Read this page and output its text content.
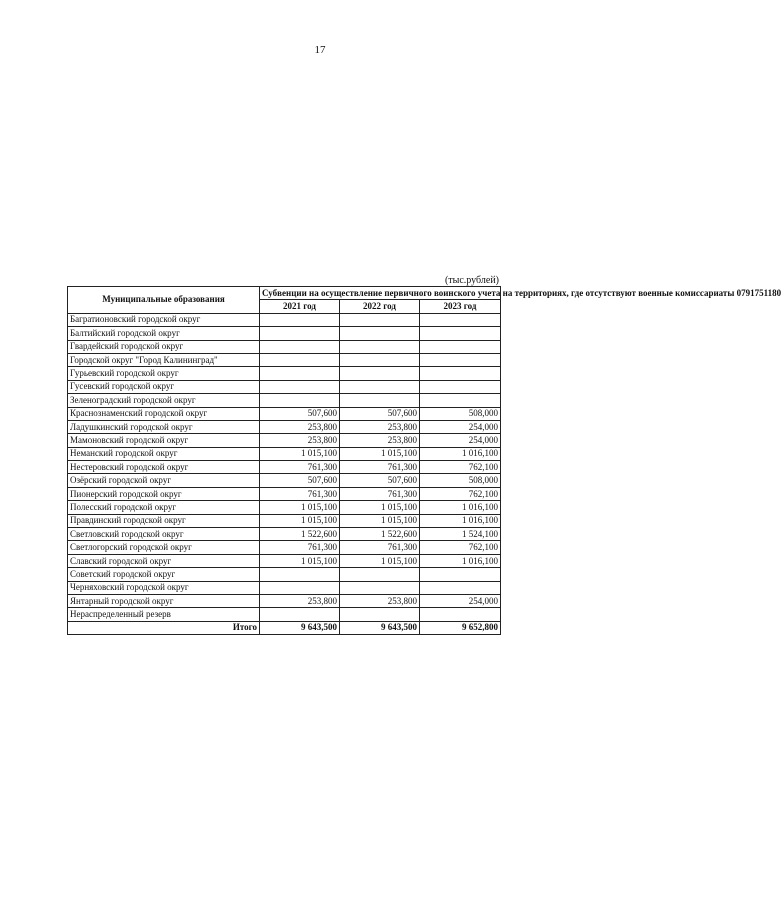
17
(тыс.рублей)
Муниципальные образования	Субвенции на осуществление первичного воинского учета на территориях, где отсутствуют военные комиссариаты 0791751180		
	2021 год	2022 год	2023 год
Багратионовский городской округ			
Балтийский городской округ			
Гвардейский городской округ			
Городской округ "Город Калининград"			
Гурьевский городской округ			
Гусевский городской округ			
Зеленоградский городской округ			
Краснознаменский городской округ	507,600	507,600	508,000
Ладушкинский городской округ	253,800	253,800	254,000
Мамоновский городской округ	253,800	253,800	254,000
Неманский городской округ	1 015,100	1 015,100	1 016,100
Нестеровский городской округ	761,300	761,300	762,100
Озёрский городской округ	507,600	507,600	508,000
Пионерский городской округ	761,300	761,300	762,100
Полесский городской округ	1 015,100	1 015,100	1 016,100
Правдинский городской округ	1 015,100	1 015,100	1 016,100
Светловский городской округ	1 522,600	1 522,600	1 524,100
Светлогорский городской округ	761,300	761,300	762,100
Славский городской округ	1 015,100	1 015,100	1 016,100
Советский городской округ			
Черняховский городской округ			
Янтарный городской округ	253,800	253,800	254,000
Нераспределенный резерв			
Итого	9 643,500	9 643,500	9 652,800
